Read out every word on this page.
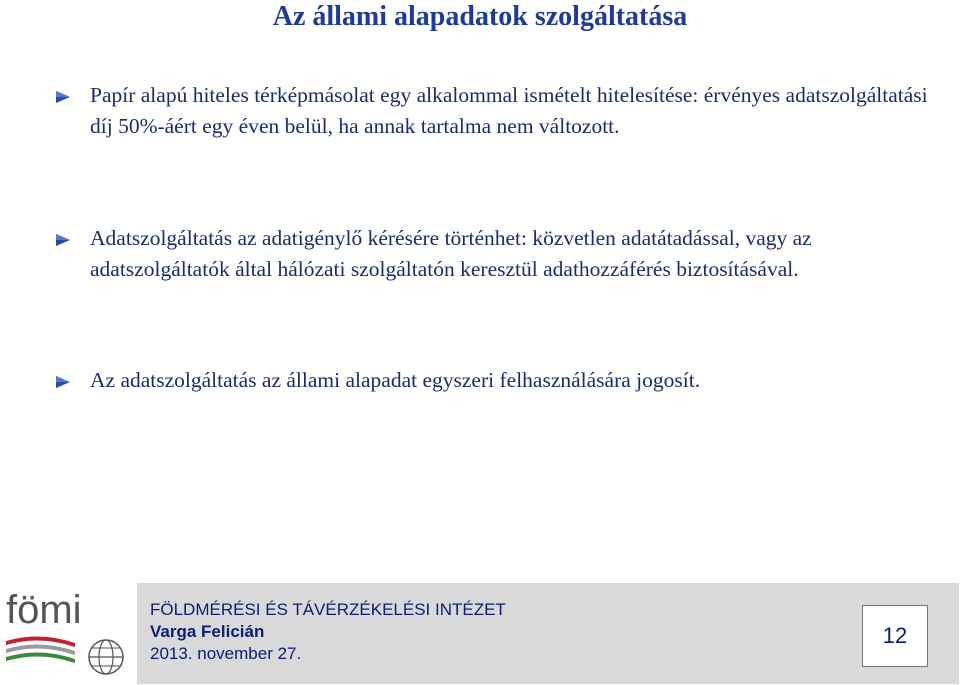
Az állami alapadatok szolgáltatása
Papír alapú hiteles térképmásolat egy alkalommal ismételt hitelesítése: érvényes adatszolgáltatási díj 50%-áért egy éven belül, ha annak tartalma nem változott.
Adatszolgáltatás az adatigénylő kérésére történhet: közvetlen adatátadással, vagy az adatszolgáltatók által hálózati szolgáltatón keresztül adathozzáférés biztosításával.
Az adatszolgáltatás az állami alapadat egyszeri felhasználására jogosít.
fömi	FÖLDMÉRÉSI ÉS TÁVÉRZÉKELÉSI INTÉZET
Varga Felicián
2013. november 27.
12
